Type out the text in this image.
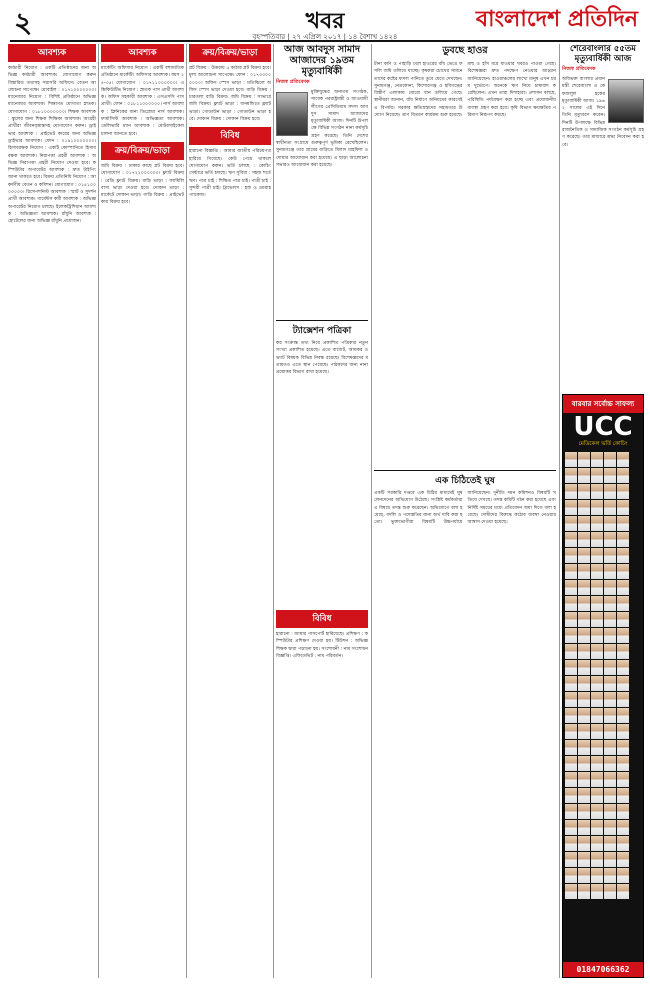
২	খবর	বাংলাদেশ প্রতিদিন
বৃহস্পতিবার | ২৭ এপ্রিল ২০১৭ | ১৪ বৈশাখ ১৪২৪
আবশ্যক
কর্মচারী নিয়োগ : একটি প্রতিষ্ঠানের জন্য অভিজ্ঞ কর্মচারী আবশ্যক। যোগাযোগ করুন বিস্তারিত তথ্যসহ সরাসরি অফিসে। বেতন আলোচনা সাপেক্ষে। মোবাইল : ০১৭১০০০০০০০। ম্যানেজার নিয়োগ : বিশিষ্ট প্রতিষ্ঠানে অভিজ্ঞ ম্যানেজার আবশ্যক। শিক্ষাগত যোগ্যতা স্নাতক। যোগাযোগ : ০১৮১০০০০০০০। শিক্ষক আবশ্যক : স্কুলের জন্য শিক্ষক শিক্ষিকা আবশ্যক। আগ্রহী প্রার্থীরা জীবনবৃত্তান্তসহ যোগাযোগ করুন। ড্রাইভার আবশ্যক : প্রাইভেট কারের জন্য অভিজ্ঞ ড্রাইভার আবশ্যক। ফোন : ০১৯১০০০০০০০। হিসাবরক্ষক নিয়োগ : একটি কোম্পানিতে হিসাবরক্ষক আবশ্যক। নিরাপত্তা প্রহরী আবশ্যক : অভিজ্ঞ নিরাপত্তা প্রহরী নিয়োগ দেওয়া হবে। কম্পিউটার অপারেটর আবশ্যক : দ্রুত টাইপিং জানা থাকতে হবে। বিক্রয় প্রতিনিধি নিয়োগ : আকর্ষণীয় বেতন ও কমিশন। যোগাযোগ : ০১৫১০০০০০০০। রিসেপশনিস্ট আবশ্যক : স্মার্ট ও সুদর্শন প্রার্থী আবশ্যক। গার্মেন্টস কর্মী আবশ্যক : অভিজ্ঞ অপারেটর নিয়োগ চলছে। ইলেকট্রিশিয়ান আবশ্যক : অভিজ্ঞতা আবশ্যক। রাঁধুনি আবশ্যক : হোটেলের জন্য অভিজ্ঞ রাঁধুনি প্রয়োজন।
আবশ্যক
মার্কেটিং অফিসার নিয়োগ : একটি বহুজাতিক প্রতিষ্ঠানে মার্কেটিং অফিসার আবশ্যক। বয়স ২৫-৩৫। যোগাযোগ : ০১৭১১০০০০০০। এক্সিকিউটিভ নিয়োগ : স্নাতক পাস প্রার্থী আবশ্যক। অফিস সহকারী আবশ্যক : এসএসসি পাস প্রার্থী। ফোন : ০১৮১১০০০০০০। নার্স আবশ্যক : ক্লিনিকের জন্য ডিপ্লোমা নার্স আবশ্যক। ফার্মাসিস্ট আবশ্যক : অভিজ্ঞতা আবশ্যক। ডেলিভারি ম্যান আবশ্যক : মোটরসাইকেল চালনা জানতে হবে।
ক্রয়/বিক্রয়/ভাড়া
জমি বিক্রয় : ঢাকার কাছে প্লট বিক্রয় হবে। যোগাযোগ : ০১৭২২০০০০০০। ফ্ল্যাট বিক্রয় : রেডি ফ্ল্যাট বিক্রয়। বাড়ি ভাড়া : ফ্যামিলি বাসা ভাড়া দেওয়া হবে। দোকান ভাড়া : মার্কেটে দোকান ভাড়া। গাড়ি বিক্রয় : প্রাইভেট কার বিক্রয় হবে।
ক্রয়/বিক্রয়/ভাড়া
প্লট বিক্রয় : উত্তরায় ৫ কাঠার প্লট বিক্রয় হবে। মূল্য আলোচনা সাপেক্ষে। ফোন : ০১৭৩৩০০০০০০। অফিস স্পেস ভাড়া : মতিঝিলে অফিস স্পেস ভাড়া দেওয়া হবে। বাড়ি বিক্রয় : চারতলা বাড়ি বিক্রয়। জমি বিক্রয় : সাভারে জমি বিক্রয়। ফ্ল্যাট ভাড়া : ধানমন্ডিতে ফ্ল্যাট ভাড়া। গোডাউন ভাড়া : গোডাউন ভাড়া হবে। দোকান বিক্রয় : দোকান বিক্রয় হবে।
বিবিধ
হারানো বিজ্ঞপ্তি : আমার জাতীয় পরিচয়পত্র হারিয়ে গিয়েছে। কেউ পেয়ে থাকলে যোগাযোগ করুন। ভর্তি চলছে : কোচিং সেন্টারে ভর্তি চলছে। ঋণ সুবিধা : সহজ শর্তে ঋণ। পাত্র চাই : শিক্ষিত পাত্র চাই। পাত্রী চাই : সুন্দরী পাত্রী চাই। ট্রাভেলস : হজ ও ওমরাহ প্যাকেজ।
আজ আবদুস সামাদ আজাদের ১৯তম মৃত্যুবার্ষিকী
নিজস্ব প্রতিবেদক
মুক্তিযুদ্ধের অন্যতম সংগঠক, সাবেক পররাষ্ট্রমন্ত্রী ও আওয়ামী লীগের প্রেসিডিয়াম সদস্য আবদুস সামাদ আজাদের মৃত্যুবার্ষিকী আজ। দিনটি উপলক্ষে বিভিন্ন সংগঠন নানা কর্মসূচি গ্রহণ করেছে। তিনি দেশের স্বাধীনতা সংগ্রামে গুরুত্বপূর্ণ ভূমিকা রেখেছিলেন। সুনামগঞ্জে তার গ্রামের বাড়িতে মিলাদ মাহফিল ও দোয়ার আয়োজন করা হয়েছে। এ ছাড়া আলোচনা সভারও আয়োজন করা হয়েছে।
ট্যাক্সেশন পত্রিকা
কর সংক্রান্ত তথ্য নিয়ে প্রকাশিত পত্রিকার নতুন সংখ্যা প্রকাশিত হয়েছে। এতে বাজেট, আয়কর ও ভ্যাট বিষয়ক বিভিন্ন নিবন্ধ রয়েছে। বিশেষজ্ঞদের মতামতও এতে স্থান পেয়েছে। পাঠকদের জন্য নানা প্রশ্নোত্তর বিভাগ রাখা হয়েছে।
বিবিধ
হারানো : আমার পাসপোর্ট হারিয়েছে। প্রশিক্ষণ : কম্পিউটার প্রশিক্ষণ দেওয়া হয়। টিউশন : অভিজ্ঞ শিক্ষক দ্বারা পড়ানো হয়। সংশোধনী : নাম সংশোধন বিজ্ঞপ্তি। এফিডেভিট : নাম পরিবর্তন।
ডুবছে হাওর
টানা বর্ষণ ও পাহাড়ি ঢলে হাওরের বাঁধ ভেঙে ফসলি জমি তলিয়ে যাচ্ছে। কৃষকরা চোখের সামনে তাদের কষ্টের ফসল পানিতে ডুবে যেতে দেখছেন। সুনামগঞ্জ, নেত্রকোনা, কিশোরগঞ্জ ও হবিগঞ্জের বিস্তীর্ণ এলাকায় বোরো ধান তলিয়ে গেছে। স্থানীয়রা জানান, বাঁধ নির্মাণে অনিয়মের কারণেই এ বিপর্যয়। সরকার ক্ষতিগ্রস্তদের সহায়তার উদ্যোগ নিয়েছে। ত্রাণ বিতরণ কার্যক্রম শুরু হয়েছে। মাছ ও হাঁস মরে যাওয়ার খবরও পাওয়া গেছে। বিশেষজ্ঞরা দ্রুত পদক্ষেপ নেওয়ার আহ্বান জানিয়েছেন। হাওরাঞ্চলের লাখো মানুষ এখন চরম দুর্ভোগে। অনেকে ঋণ নিয়ে চাষাবাদ করেছিলেন। এখন তারা দিশাহারা। প্রশাসন বলছে, পরিস্থিতি পর্যবেক্ষণ করা হচ্ছে এবং প্রয়োজনীয় ব্যবস্থা গ্রহণ করা হবে। কৃষি বিভাগ ক্ষয়ক্ষতির পরিমাণ নিরূপণ করছে।
এক চিঠিতেই ঘুষ
একটি সরকারি দপ্তরে এক চিঠির মাধ্যমেই ঘুষ লেনদেনের অভিযোগ উঠেছে। সংশ্লিষ্ট কর্মকর্তারা এ বিষয়ে তদন্ত শুরু করেছেন। অভিযোগে বলা হয়েছে, বদলি ও পদোন্নতির জন্য অর্থ দাবি করা হতো। ভুক্তভোগীরা বিষয়টি উচ্চপর্যায়ে জানিয়েছেন। দুর্নীতি দমন কমিশনও বিষয়টি খতিয়ে দেখছে। তদন্ত কমিটি গঠন করা হয়েছে এবং নির্দিষ্ট সময়ের মধ্যে প্রতিবেদন জমা দিতে বলা হয়েছে। দোষীদের বিরুদ্ধে কঠোর ব্যবস্থা নেওয়ার আশ্বাস দেওয়া হয়েছে।
শেরেবাংলার ৫৫তম মৃত্যুবার্ষিকী আজ
নিজস্ব প্রতিবেদক
অবিভক্ত বাংলার প্রধানমন্ত্রী শেরেবাংলা এ কে ফজলুল হকের মৃত্যুবার্ষিকী আজ। ১৯৬২ সালের এই দিনে তিনি মৃত্যুবরণ করেন। দিনটি উপলক্ষে বিভিন্ন রাজনৈতিক ও সামাজিক সংগঠন কর্মসূচি গ্রহণ করেছে। তার মাজারে শ্রদ্ধা নিবেদন করা হবে।
বারবার সর্বোচ্চ সাফল্য
UCC
মেডিকেল ভর্তি কোচিং
01847066362
